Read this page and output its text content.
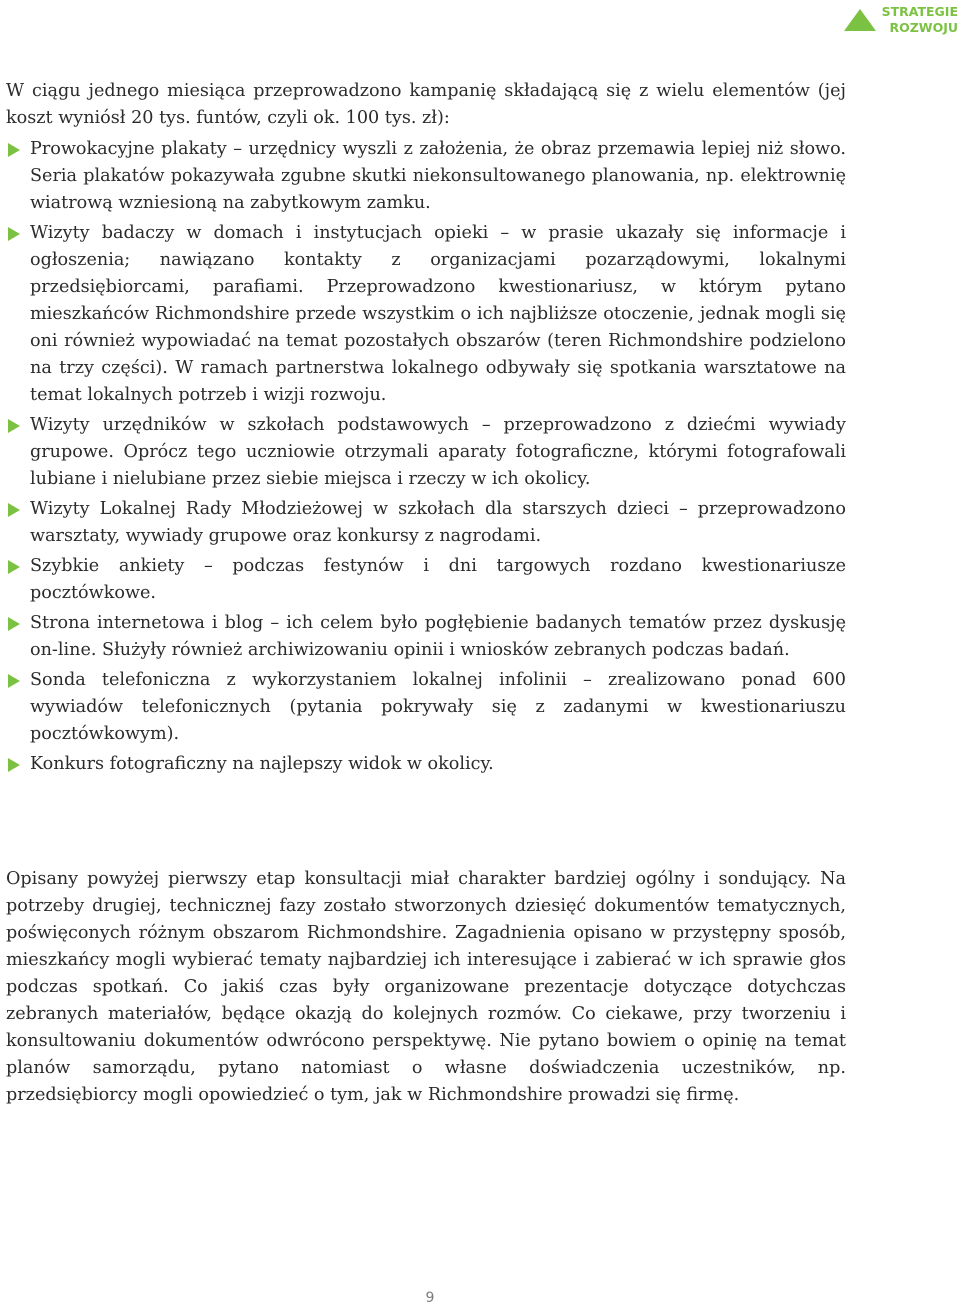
STRATEGIE
ROZWOJU

W ciągu jednego miesiąca przeprowadzono kampanię składającą się z wielu elementów (jej koszt wyniósł 20 tys. funtów, czyli ok. 100 tys. zł):

Prowokacyjne plakaty – urzędnicy wyszli z założenia, że obraz przemawia lepiej niż słowo. Seria plakatów pokazywała zgubne skutki niekonsultowanego planowania, np. elektrownię wiatrową wzniesioną na zabytkowym zamku.
Wizyty badaczy w domach i instytucjach opieki – w prasie ukazały się informacje i ogłoszenia; nawiązano kontakty z organizacjami pozarządowymi, lokalnymi przedsiębiorcami, parafiami. Przeprowadzono kwestionariusz, w którym pytano mieszkańców Richmondshire przede wszystkim o ich najbliższe otoczenie, jednak mogli się oni również wypowiadać na temat pozostałych obszarów (teren Richmondshire podzielono na trzy części). W ramach partnerstwa lokalnego odbywały się spotkania warsztatowe na temat lokalnych potrzeb i wizji rozwoju.
Wizyty urzędników w szkołach podstawowych – przeprowadzono z dziećmi wywiady grupowe. Oprócz tego uczniowie otrzymali aparaty fotograficzne, którymi fotografowali lubiane i nielubiane przez siebie miejsca i rzeczy w ich okolicy.
Wizyty Lokalnej Rady Młodzieżowej w szkołach dla starszych dzieci – przeprowadzono warsztaty, wywiady grupowe oraz konkursy z nagrodami.
Szybkie ankiety – podczas festynów i dni targowych rozdano kwestionariusze pocztówkowe.
Strona internetowa i blog – ich celem było pogłębienie badanych tematów przez dyskusję on-line. Służyły również archiwizowaniu opinii i wniosków zebranych podczas badań.
Sonda telefoniczna z wykorzystaniem lokalnej infolinii – zrealizowano ponad 600 wywiadów telefonicznych (pytania pokrywały się z zadanymi w kwestionariuszu pocztówkowym).
Konkurs fotograficzny na najlepszy widok w okolicy.

Opisany powyżej pierwszy etap konsultacji miał charakter bardziej ogólny i sondujący. Na potrzeby drugiej, technicznej fazy zostało stworzonych dziesięć dokumentów tematycznych, poświęconych różnym obszarom Richmondshire. Zagadnienia opisano w przystępny sposób, mieszkańcy mogli wybierać tematy najbardziej ich interesujące i zabierać w ich sprawie głos podczas spotkań. Co jakiś czas były organizowane prezentacje dotyczące dotychczas zebranych materiałów, będące okazją do kolejnych rozmów. Co ciekawe, przy tworzeniu i konsultowaniu dokumentów odwrócono perspektywę. Nie pytano bowiem o opinię na temat planów samorządu, pytano natomiast o własne doświadczenia uczestników, np. przedsiębiorcy mogli opowiedzieć o tym, jak w Richmondshire prowadzi się firmę.

9
